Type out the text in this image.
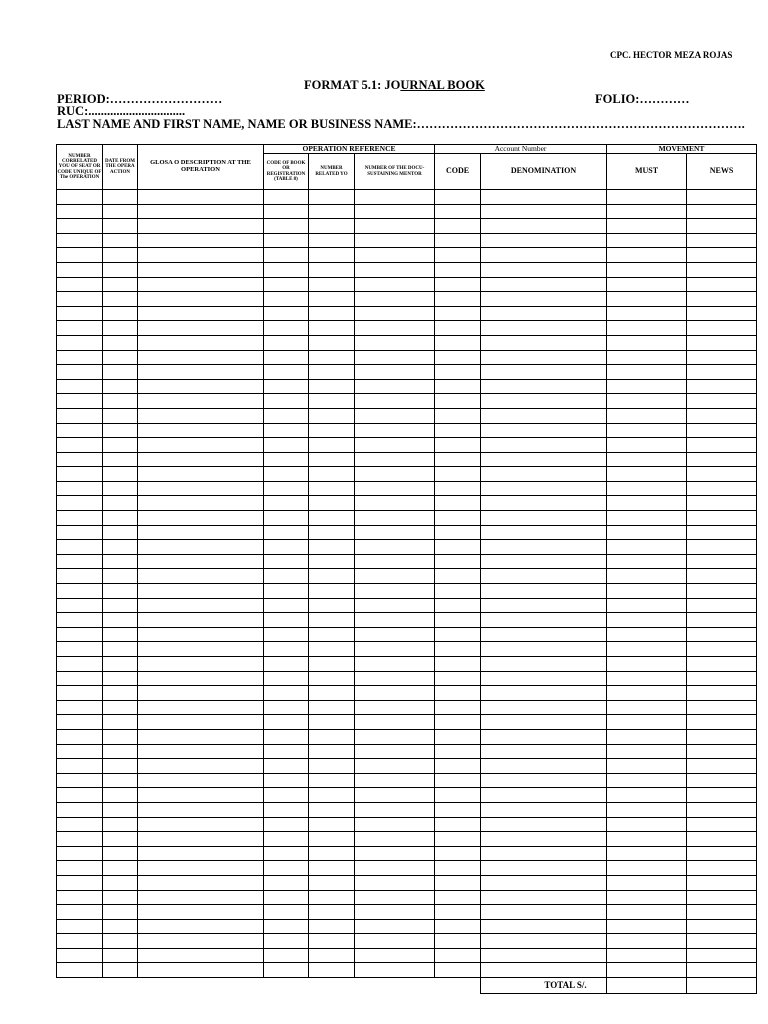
CPC. HECTOR MEZA ROJAS
FORMAT 5.1: JOURNAL BOOK
PERIOD:………………………	FOLIO:…………
RUC:...............................
LAST NAME AND FIRST NAME, NAME OR BUSINESS NAME:…………………………………………………………………….
NUMBER CORRELATED YOU OF SEAT OR CODE UNIQUE OF The OPERATION	DATE FROM THE OPERA ACTION	GLOSA O DESCRIPTION AT THE OPERATION	OPERATION REFERENCE			Account Number		MOVEMENT	
			CODE OF BOOK OR REGISTRATION (TABLE 8)	NUMBER RELATED YO	NUMBER OF THE DOCU- SUSTAINING MENTOR	CODE	DENOMINATION	MUST	NEWS

							TOTAL S/.		
